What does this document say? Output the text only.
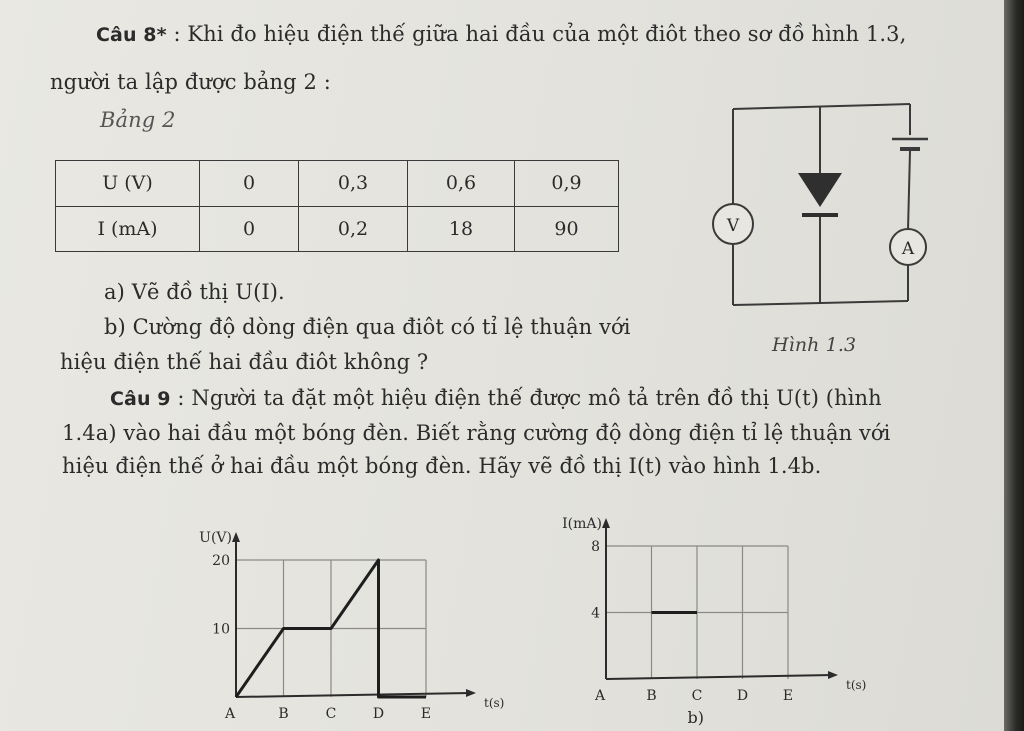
Câu 8* : Khi đo hiệu điện thế giữa hai đầu của một điôt theo sơ đồ hình 1.3,
người ta lập được bảng 2 :
Bảng 2
U (V)	0	0,3	0,6	0,9
I (mA)	0	0,2	18	90
a) Vẽ đồ thị U(I).
b) Cường độ dòng điện qua điôt có tỉ lệ thuận với
hiệu điện thế hai đầu điôt không ?
V
A
Hình 1.3
Câu 9 : Người ta đặt một hiệu điện thế được mô tả trên đồ thị U(t) (hình
1.4a) vào hai đầu một bóng đèn. Biết rằng cường độ dòng điện tỉ lệ thuận với
hiệu điện thế ở hai đầu một bóng đèn. Hãy vẽ đồ thị I(t) vào hình 1.4b.
U(V)
t(s)
20
10
A	B	C	D	E
I(mA)
t(s)
8
4
A	B C D E
b)
